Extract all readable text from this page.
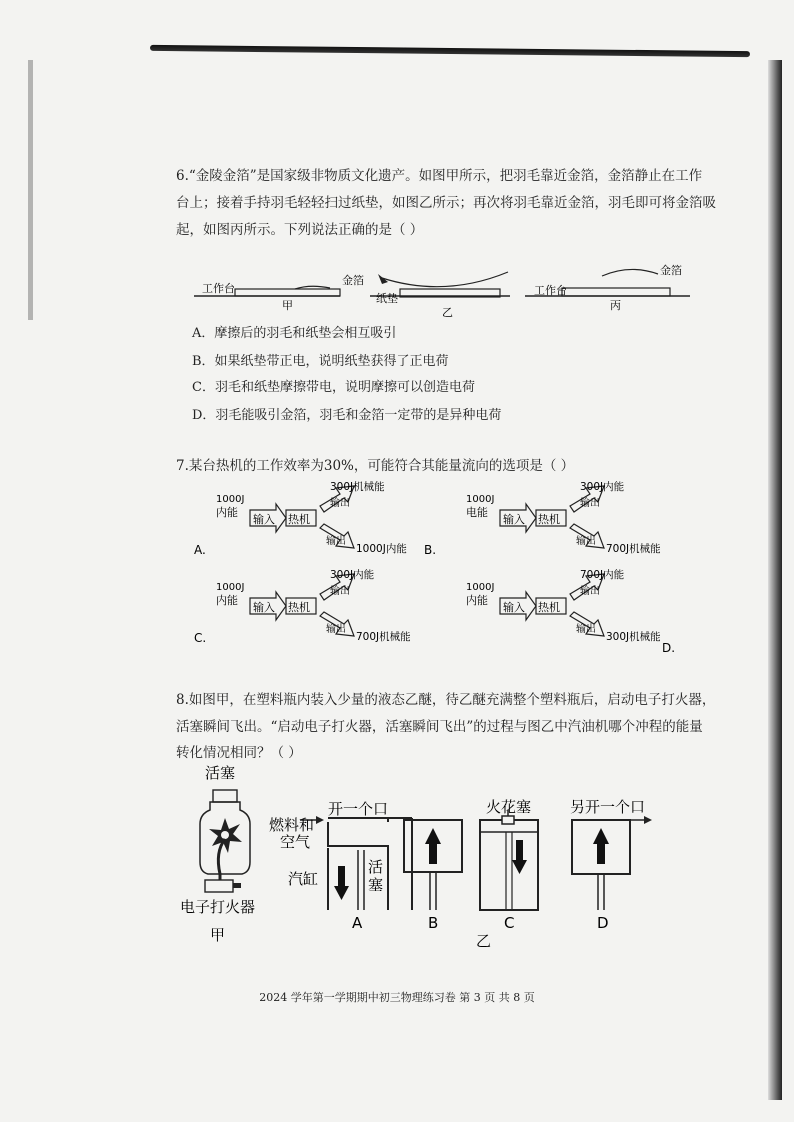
6.“金陵金箔”是国家级非物质文化遗产。如图甲所示，把羽毛靠近金箔，金箔静止在工作
台上；接着手持羽毛轻轻扫过纸垫，如图乙所示；再次将羽毛靠近金箔，羽毛即可将金箔吸
起，如图丙所示。下列说法正确的是（ ）
工作台
金箔
甲
纸垫
乙
工作台
金箔
丙
A．摩擦后的羽毛和纸垫会相互吸引
B．如果纸垫带正电，说明纸垫获得了正电荷
C．羽毛和纸垫摩擦带电，说明摩擦可以创造电荷
D．羽毛能吸引金箔，羽毛和金箔一定带的是异种电荷
7.某台热机的工作效率为30%，可能符合其能量流向的选项是（ ）
1000J
内能
输入 热机
输出
300J机械能
输出
1000J内能
A.
1000J
电能
输入 热机
输出
300J内能
输出
700J机械能
B.
1000J
内能
输入 热机
输出
300J内能
输出
700J机械能
C.
1000J
内能
输入 热机
输出
700J内能
输出
300J机械能
D.
8.如图甲，在塑料瓶内装入少量的液态乙醚，待乙醚充满整个塑料瓶后，启动电子打火器，
活塞瞬间飞出。“启动电子打火器，活塞瞬间飞出”的过程与图乙中汽油机哪个冲程的能量
转化情况相同？（ ）
活塞
电子打火器
甲
开一个口
燃料和
空气
汽缸
活
塞
A	B
火花塞
C
另开一个口
D
乙
2024 学年第一学期期中初三物理练习卷 第 3 页 共 8 页
